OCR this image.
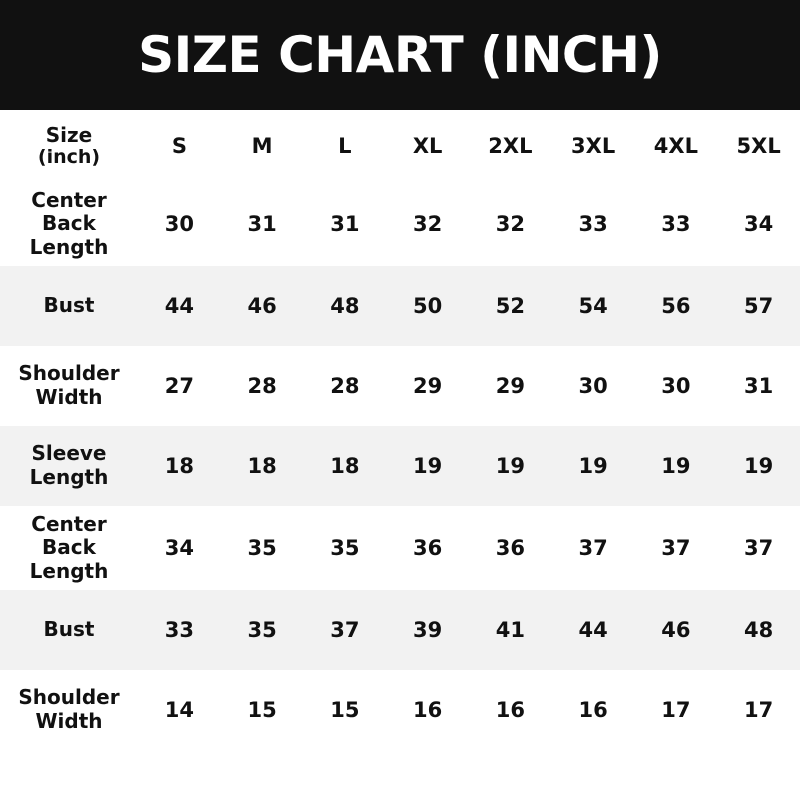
SIZE CHART (INCH)
Size
(inch)	S	M	L	XL	2XL	3XL	4XL	5XL

Center
Back
Length	30	31	31	32	32	33	33	34

Bust	44	46	48	50	52	54	56	57

Shoulder
Width	27	28	28	29	29	30	30	31

Sleeve
Length	18	18	18	19	19	19	19	19

Center
Back
Length	34	35	35	36	36	37	37	37

Bust	33	35	37	39	41	44	46	48

Shoulder
Width	14	15	15	16	16	16	17	17
